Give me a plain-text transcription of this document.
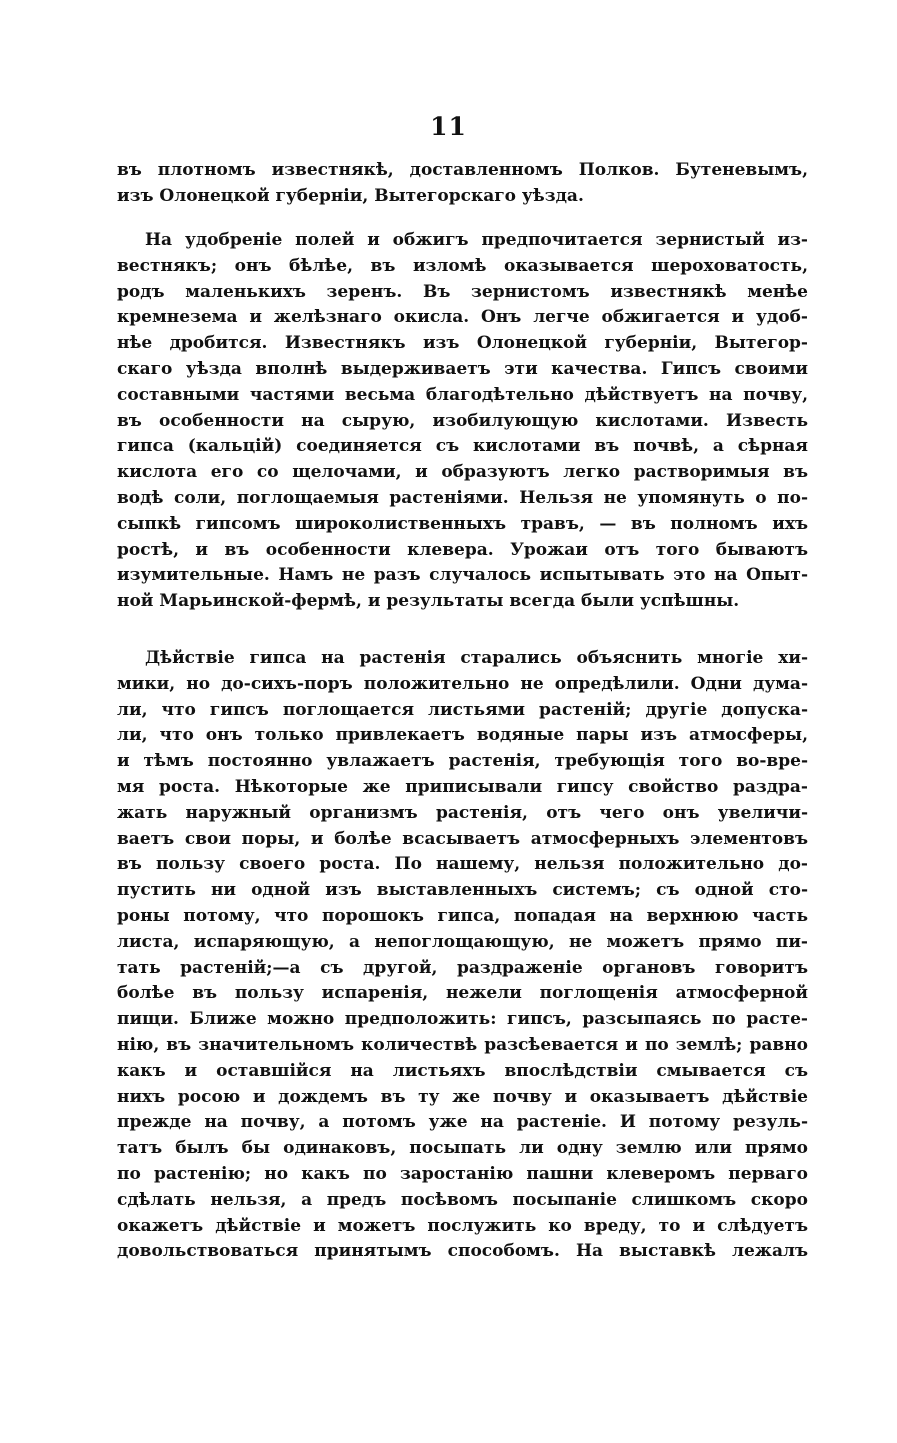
11
въ плотномъ известнякѣ, доставленномъ Полков. Бутеневымъ,
изъ Олонецкой губерніи, Вытегорскаго уѣзда.
На удобреніе полей и обжигъ предпочитается зернистый из-
вестнякъ; онъ бѣлѣе, въ изломѣ оказывается шероховатость,
родъ маленькихъ зеренъ. Въ зернистомъ известнякѣ менѣе
кремнезема и желѣзнаго окисла. Онъ легче обжигается и удоб-
нѣе дробится. Известнякъ изъ Олонецкой губерніи, Вытегор-
скаго уѣзда вполнѣ выдерживаетъ эти качества. Гипсъ своими
составными частями весьма благодѣтельно дѣйствуетъ на почву,
въ особенности на сырую, изобилующую кислотами. Известь
гипса (кальцій) соединяется съ кислотами въ почвѣ, а сѣрная
кислота его со щелочами, и образуютъ легко растворимыя въ
водѣ соли, поглощаемыя растеніями. Нельзя не упомянуть о по-
сыпкѣ гипсомъ широколиственныхъ травъ, — въ полномъ ихъ
ростѣ, и въ особенности клевера. Урожаи отъ того бываютъ
изумительные. Намъ не разъ случалось испытывать это на Опыт-
ной Марьинской-фермѣ, и результаты всегда были успѣшны.
Дѣйствіе гипса на растенія старались объяснить многіе хи-
мики, но до-сихъ-поръ положительно не опредѣлили. Одни дума-
ли, что гипсъ поглощается листьями растеній; другіе допуска-
ли, что онъ только привлекаетъ водяные пары изъ атмосферы,
и тѣмъ постоянно увлажаетъ растенія, требующія того во-вре-
мя роста. Нѣкоторые же приписывали гипсу свойство раздра-
жать наружный организмъ растенія, отъ чего онъ увеличи-
ваетъ свои поры, и болѣе всасываетъ атмосферныхъ элементовъ
въ пользу своего роста. По нашему, нельзя положительно до-
пустить ни одной изъ выставленныхъ системъ; съ одной сто-
роны потому, что порошокъ гипса, попадая на верхнюю часть
листа, испаряющую, а непоглощающую, не можетъ прямо пи-
тать растеній;—а съ другой, раздраженіе органовъ говоритъ
болѣе въ пользу испаренія, нежели поглощенія атмосферной
пищи. Ближе можно предположить: гипсъ, разсыпаясь по расте-
нію, въ значительномъ количествѣ разсѣевается и по землѣ; равно
какъ и оставшійся на листьяхъ впослѣдствіи смывается съ
нихъ росою и дождемъ въ ту же почву и оказываетъ дѣйствіе
прежде на почву, а потомъ уже на растеніе. И потому резуль-
татъ былъ бы одинаковъ, посыпать ли одну землю или прямо
по растенію; но какъ по заростанію пашни клеверомъ перваго
сдѣлать нельзя, а предъ посѣвомъ посыпаніе слишкомъ скоро
окажетъ дѣйствіе и можетъ послужить ко вреду, то и слѣдуетъ
довольствоваться принятымъ способомъ. На выставкѣ лежалъ
